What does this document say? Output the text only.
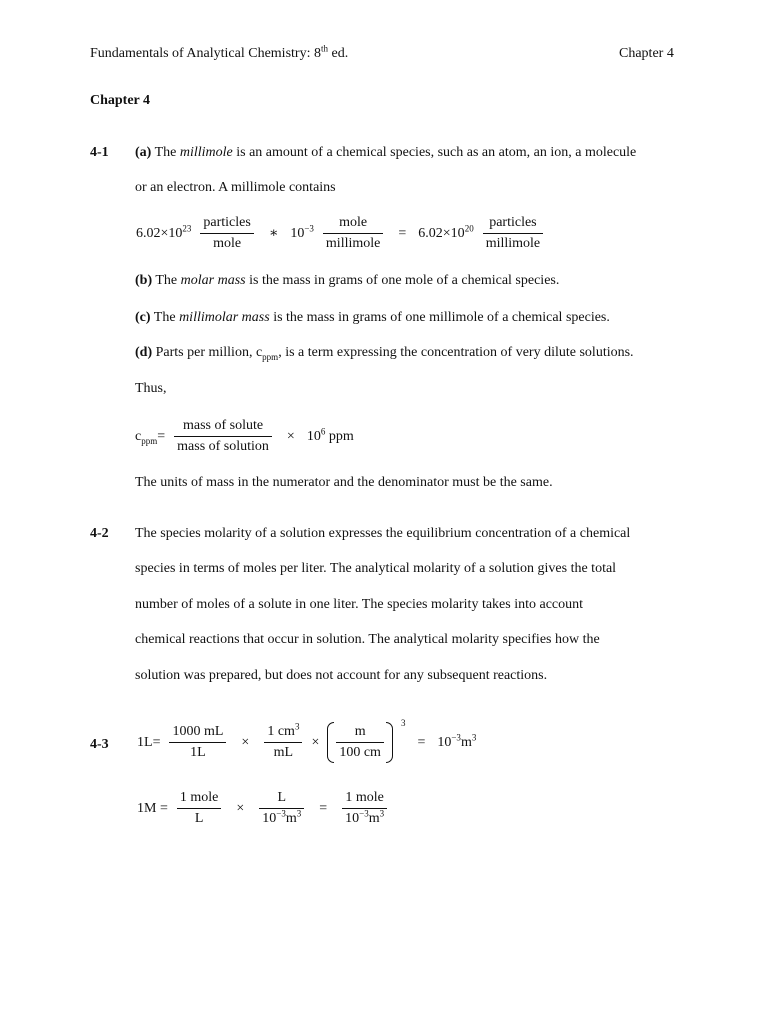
Fundamentals of Analytical Chemistry: 8th ed.	Chapter 4
Chapter 4
4-1 (a) The millimole is an amount of a chemical species, such as an atom, an ion, a molecule
or an electron. A millimole contains
$6.02\times 10^{23} \frac{\text{particles}}{\text{mole}}$	∗ $10^{-3} \frac{\text{mole}}{\text{millimole}}$	= $6.02\times 10^{20} \frac{\text{particles}}{\text{millimole}}$
(b) The molar mass is the mass in grams of one mole of a chemical species.
(c) The millimolar mass is the mass in grams of one millimole of a chemical species.
(d) Parts per million, $c_{ppm}$, is a term expressing the concentration of very dilute solutions.
Thus,
$c_{ppm}= \frac{\text{mass of solute}}{\text{mass of solution}}$	× $10^6$ ppm
The units of mass in the numerator and the denominator must be the same.
4-2 The species molarity of a solution expresses the equilibrium concentration of a chemical
species in terms of moles per liter. The analytical molarity of a solution gives the total
number of moles of a solute in one liter. The species molarity takes into account
chemical reactions that occur in solution. The analytical molarity specifies how the
solution was prepared, but does not account for any subsequent reactions.
4-3 $1L= \frac{1000 mL}{1L}$	×	$\frac{1 cm^3}{mL} \times \frac{m}{100 cm}$
3
= $10^{-3}m^3$
$1M = \frac{\text{1 mole}}{L}$	×	$\frac{L}{10^{-3}m^3}$	=	$\frac{\text{1 mole}}{10^{-3}m^3}$
